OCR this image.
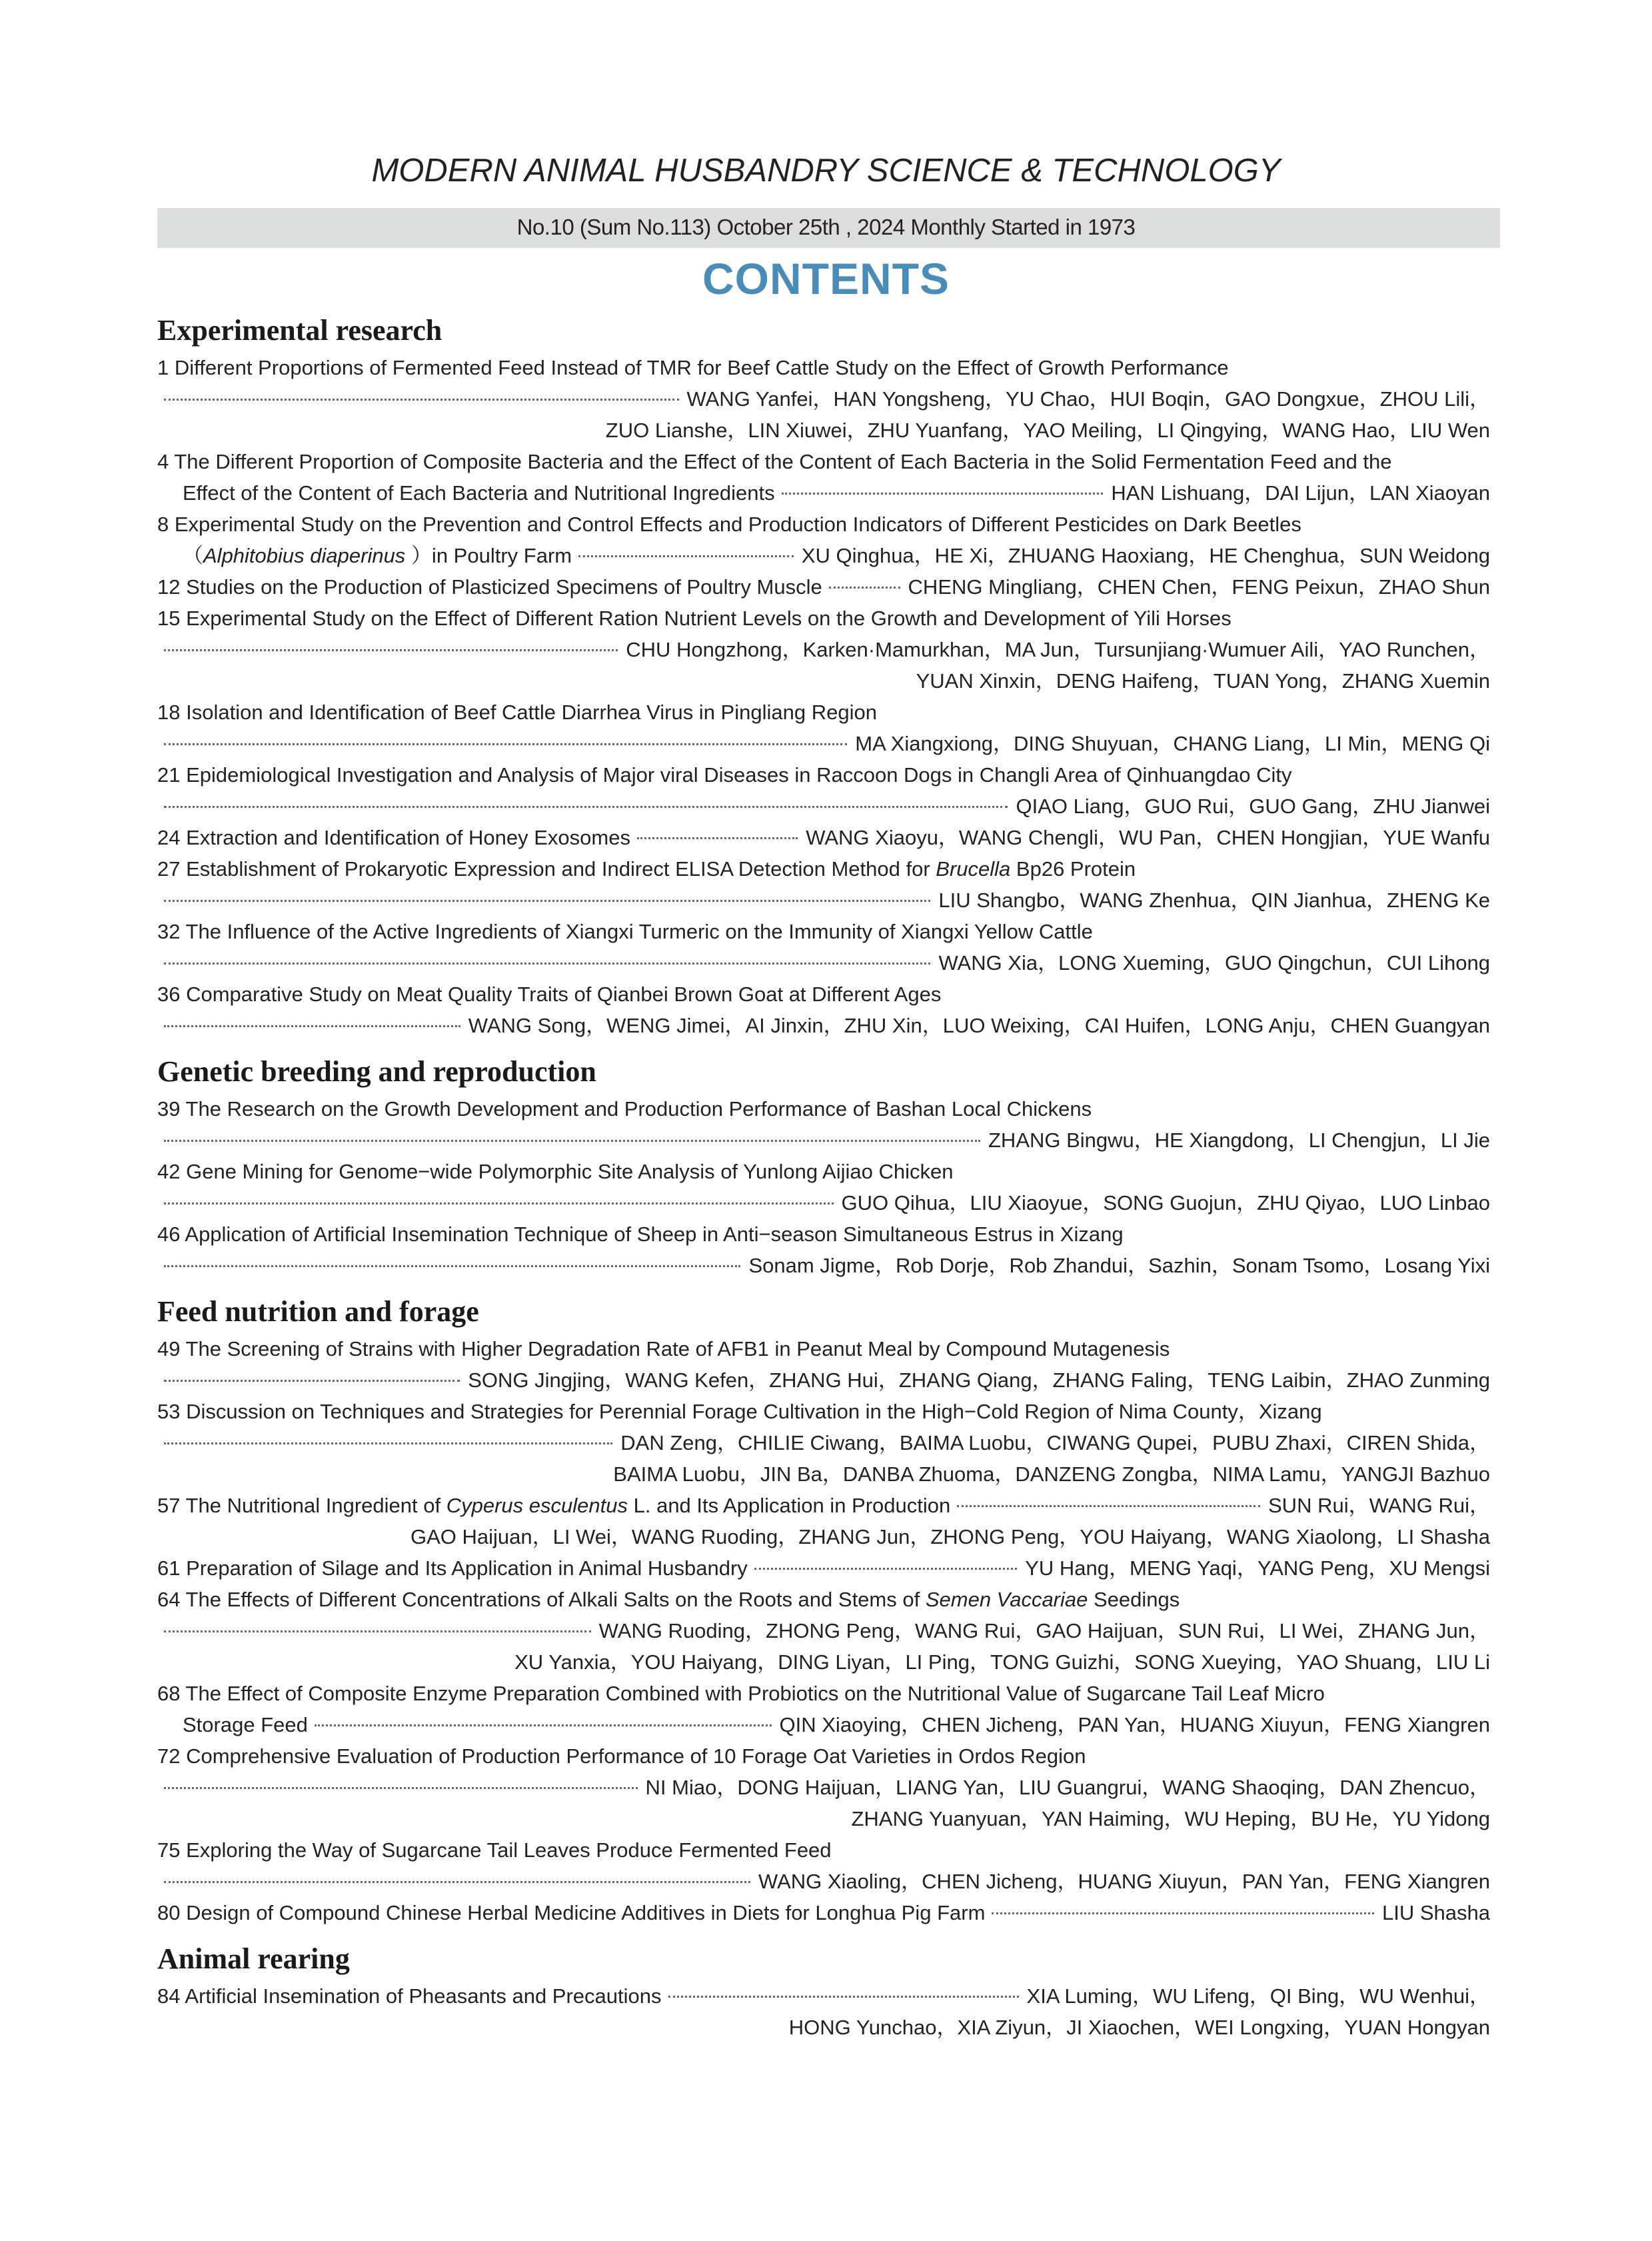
MODERN ANIMAL HUSBANDRY SCIENCE & TECHNOLOGY
No.10 (Sum No.113) October 25th , 2024 Monthly Started in 1973
CONTENTS
Experimental research
1 Different Proportions of Fermented Feed Instead of TMR for Beef Cattle Study on the Effect of Growth Performance
WANG Yanfei，HAN Yongsheng，YU Chao，HUI Boqin，GAO Dongxue，ZHOU Lili，
ZUO Lianshe，LIN Xiuwei，ZHU Yuanfang，YAO Meiling，LI Qingying，WANG Hao，LIU Wen
4 The Different Proportion of Composite Bacteria and the Effect of the Content of Each Bacteria in the Solid Fermentation Feed and the
Effect of the Content of Each Bacteria and Nutritional Ingredients	HAN Lishuang，DAI Lijun，LAN Xiaoyan
8 Experimental Study on the Prevention and Control Effects and Production Indicators of Different Pesticides on Dark Beetles
（Alphitobius diaperinus ）in Poultry Farm	XU Qinghua，HE Xi，ZHUANG Haoxiang，HE Chenghua，SUN Weidong
12 Studies on the Production of Plasticized Specimens of Poultry Muscle	CHENG Mingliang，CHEN Chen，FENG Peixun，ZHAO Shun
15 Experimental Study on the Effect of Different Ration Nutrient Levels on the Growth and Development of Yili Horses
CHU Hongzhong，Karken·Mamurkhan，MA Jun，Tursunjiang·Wumuer Aili，YAO Runchen，
YUAN Xinxin，DENG Haifeng，TUAN Yong，ZHANG Xuemin
18 Isolation and Identification of Beef Cattle Diarrhea Virus in Pingliang Region
MA Xiangxiong，DING Shuyuan，CHANG Liang，LI Min，MENG Qi
21 Epidemiological Investigation and Analysis of Major viral Diseases in Raccoon Dogs in Changli Area of Qinhuangdao City
QIAO Liang，GUO Rui，GUO Gang，ZHU Jianwei
24 Extraction and Identification of Honey Exosomes	WANG Xiaoyu，WANG Chengli，WU Pan，CHEN Hongjian，YUE Wanfu
27 Establishment of Prokaryotic Expression and Indirect ELISA Detection Method for Brucella Bp26 Protein
LIU Shangbo，WANG Zhenhua，QIN Jianhua，ZHENG Ke
32 The Influence of the Active Ingredients of Xiangxi Turmeric on the Immunity of Xiangxi Yellow Cattle
WANG Xia，LONG Xueming，GUO Qingchun，CUI Lihong
36 Comparative Study on Meat Quality Traits of Qianbei Brown Goat at Different Ages
WANG Song，WENG Jimei，AI Jinxin，ZHU Xin，LUO Weixing，CAI Huifen，LONG Anju，CHEN Guangyan
Genetic breeding and reproduction
39 The Research on the Growth Development and Production Performance of Bashan Local Chickens
ZHANG Bingwu，HE Xiangdong，LI Chengjun，LI Jie
42 Gene Mining for Genome−wide Polymorphic Site Analysis of Yunlong Aijiao Chicken
GUO Qihua，LIU Xiaoyue，SONG Guojun，ZHU Qiyao，LUO Linbao
46 Application of Artificial Insemination Technique of Sheep in Anti−season Simultaneous Estrus in Xizang
Sonam Jigme，Rob Dorje，Rob Zhandui，Sazhin，Sonam Tsomo，Losang Yixi
Feed nutrition and forage
49 The Screening of Strains with Higher Degradation Rate of AFB1 in Peanut Meal by Compound Mutagenesis
SONG Jingjing，WANG Kefen，ZHANG Hui，ZHANG Qiang，ZHANG Faling，TENG Laibin，ZHAO Zunming
53 Discussion on Techniques and Strategies for Perennial Forage Cultivation in the High−Cold Region of Nima County，Xizang
DAN Zeng，CHILIE Ciwang，BAIMA Luobu，CIWANG Qupei，PUBU Zhaxi，CIREN Shida，
BAIMA Luobu，JIN Ba，DANBA Zhuoma，DANZENG Zongba，NIMA Lamu，YANGJI Bazhuo
57 The Nutritional Ingredient of Cyperus esculentus L. and Its Application in Production	SUN Rui，WANG Rui，
GAO Haijuan，LI Wei，WANG Ruoding，ZHANG Jun，ZHONG Peng，YOU Haiyang，WANG Xiaolong，LI Shasha
61 Preparation of Silage and Its Application in Animal Husbandry	YU Hang，MENG Yaqi，YANG Peng，XU Mengsi
64 The Effects of Different Concentrations of Alkali Salts on the Roots and Stems of Semen Vaccariae Seedings
WANG Ruoding，ZHONG Peng，WANG Rui，GAO Haijuan，SUN Rui，LI Wei，ZHANG Jun，
XU Yanxia，YOU Haiyang，DING Liyan，LI Ping，TONG Guizhi，SONG Xueying，YAO Shuang，LIU Li
68 The Effect of Composite Enzyme Preparation Combined with Probiotics on the Nutritional Value of Sugarcane Tail Leaf Micro
Storage Feed	QIN Xiaoying，CHEN Jicheng，PAN Yan，HUANG Xiuyun，FENG Xiangren
72 Comprehensive Evaluation of Production Performance of 10 Forage Oat Varieties in Ordos Region
NI Miao，DONG Haijuan，LIANG Yan，LIU Guangrui，WANG Shaoqing，DAN Zhencuo，
ZHANG Yuanyuan，YAN Haiming，WU Heping，BU He，YU Yidong
75 Exploring the Way of Sugarcane Tail Leaves Produce Fermented Feed
WANG Xiaoling，CHEN Jicheng，HUANG Xiuyun，PAN Yan，FENG Xiangren
80 Design of Compound Chinese Herbal Medicine Additives in Diets for Longhua Pig Farm	LIU Shasha
Animal rearing
84 Artificial Insemination of Pheasants and Precautions	XIA Luming，WU Lifeng，QI Bing，WU Wenhui，
HONG Yunchao，XIA Ziyun，JI Xiaochen，WEI Longxing，YUAN Hongyan
